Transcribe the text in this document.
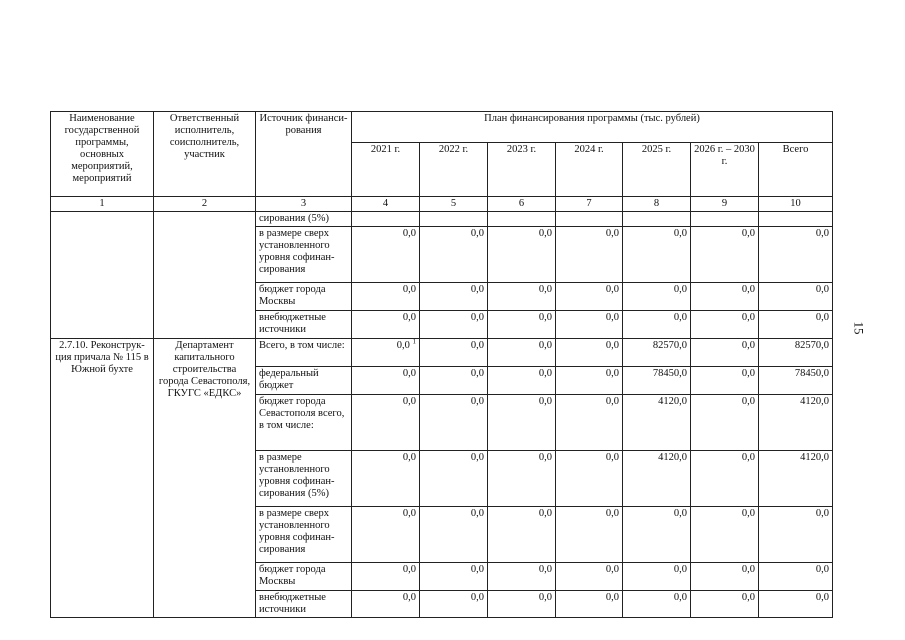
15
Наименование государственной программы, основных мероприятий, мероприятий	Ответственный исполнитель, соисполнитель, участник	Источник финанси-рования	План финансирования программы (тыс. рублей)						
			2021 г.	2022 г.	2023 г.	2024 г.	2025 г.	2026 г. – 2030 г.	Всего
1	2	3	4	5	6	7	8	9	10
		сирования (5%)							
		в размере сверх установленного уровня софинан-сирования	0,0	0,0	0,0	0,0	0,0	0,0	0,0
		бюджет города Москвы	0,0	0,0	0,0	0,0	0,0	0,0	0,0
		внебюджетные источники	0,0	0,0	0,0	0,0	0,0	0,0	0,0
2.7.10. Реконструк-ция причала № 115 в Южной бухте	Департамент капитального строительства города Севастополя, ГКУГС «ЕДКС»	Всего, в том числе:	0,0 $^1$	0,0	0,0	0,0	82570,0	0,0	82570,0
		федеральный бюджет	0,0	0,0	0,0	0,0	78450,0	0,0	78450,0
		бюджет города Севастополя всего, в том числе:	0,0	0,0	0,0	0,0	4120,0	0,0	4120,0
		в размере установленного уровня софинан-сирования (5%)	0,0	0,0	0,0	0,0	4120,0	0,0	4120,0
		в размере сверх установленного уровня софинан-сирования	0,0	0,0	0,0	0,0	0,0	0,0	0,0
		бюджет города Москвы	0,0	0,0	0,0	0,0	0,0	0,0	0,0
		внебюджетные источники	0,0	0,0	0,0	0,0	0,0	0,0	0,0
